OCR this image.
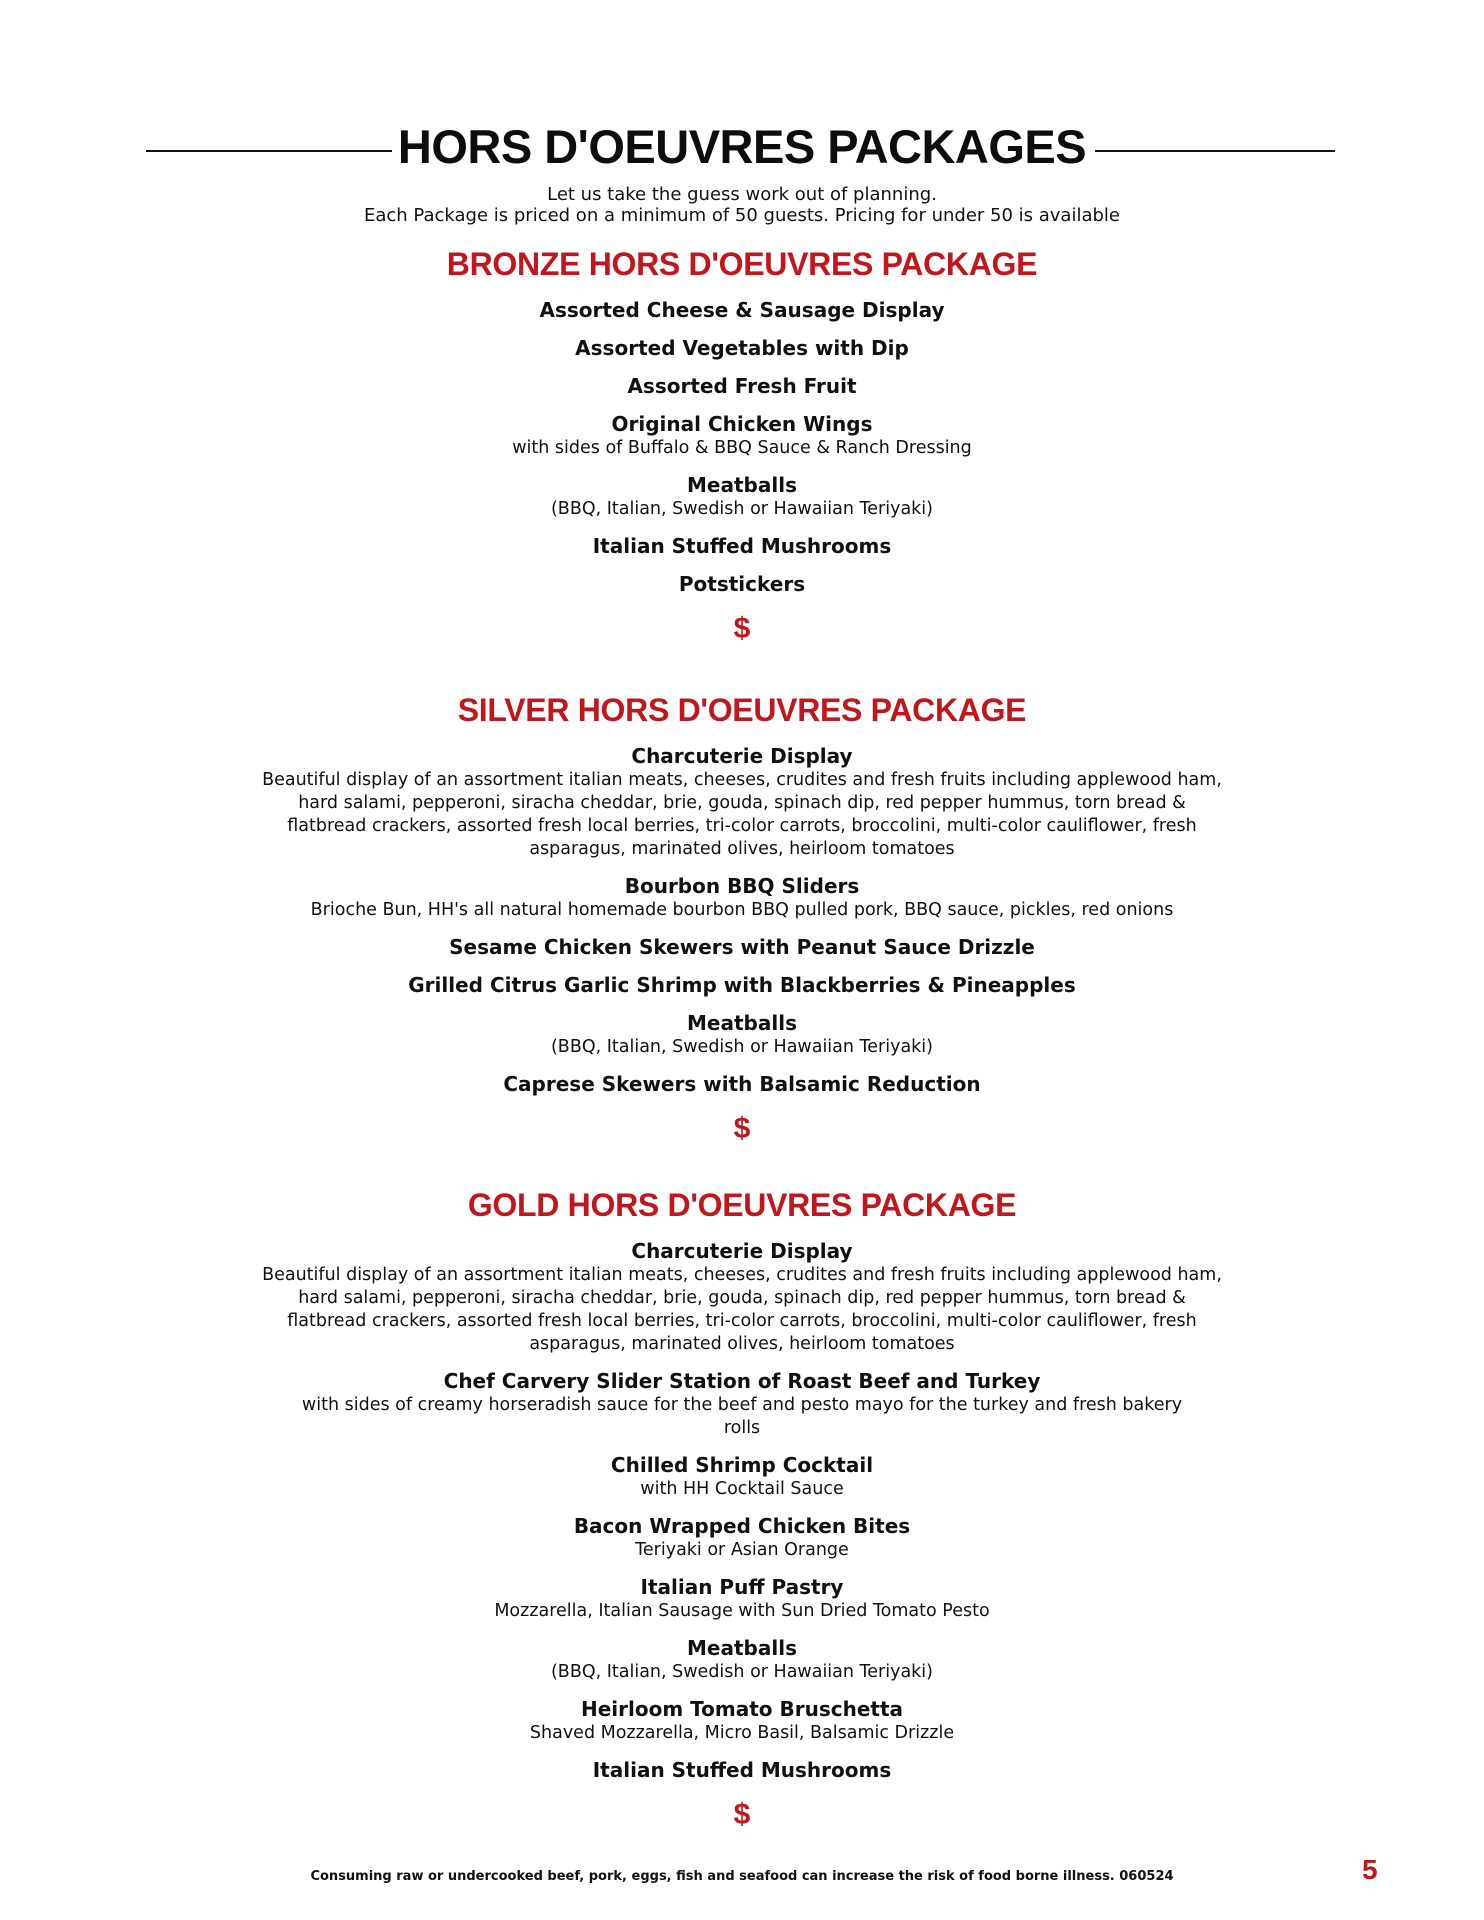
HORS D'OEUVRES PACKAGES
Let us take the guess work out of planning.
Each Package is priced on a minimum of 50 guests. Pricing for under 50 is available
BRONZE HORS D'OEUVRES PACKAGE
Assorted Cheese & Sausage Display
Assorted Vegetables with Dip
Assorted Fresh Fruit
Original Chicken Wings
with sides of Buffalo & BBQ Sauce & Ranch Dressing
Meatballs
(BBQ, Italian, Swedish or Hawaiian Teriyaki)
Italian Stuffed Mushrooms
Potstickers
$
SILVER HORS D'OEUVRES PACKAGE
Charcuterie Display
Beautiful display of an assortment italian meats, cheeses, crudites and fresh fruits including applewood ham, hard salami, pepperoni, siracha cheddar, brie, gouda, spinach dip, red pepper hummus, torn bread & flatbread crackers, assorted fresh local berries, tri-color carrots, broccolini, multi-color cauliflower, fresh asparagus, marinated olives, heirloom tomatoes
Bourbon BBQ Sliders
Brioche Bun, HH's all natural homemade bourbon BBQ pulled pork, BBQ sauce, pickles, red onions
Sesame Chicken Skewers with Peanut Sauce Drizzle
Grilled Citrus Garlic Shrimp with Blackberries & Pineapples
Meatballs
(BBQ, Italian, Swedish or Hawaiian Teriyaki)
Caprese Skewers with Balsamic Reduction
$
GOLD HORS D'OEUVRES PACKAGE
Charcuterie Display
Beautiful display of an assortment italian meats, cheeses, crudites and fresh fruits including applewood ham, hard salami, pepperoni, siracha cheddar, brie, gouda, spinach dip, red pepper hummus, torn bread & flatbread crackers, assorted fresh local berries, tri-color carrots, broccolini, multi-color cauliflower, fresh asparagus, marinated olives, heirloom tomatoes
Chef Carvery Slider Station of Roast Beef and Turkey
with sides of creamy horseradish sauce for the beef and pesto mayo for the turkey and fresh bakery rolls
Chilled Shrimp Cocktail
with HH Cocktail Sauce
Bacon Wrapped Chicken Bites
Teriyaki or Asian Orange
Italian Puff Pastry
Mozzarella, Italian Sausage with Sun Dried Tomato Pesto
Meatballs
(BBQ, Italian, Swedish or Hawaiian Teriyaki)
Heirloom Tomato Bruschetta
Shaved Mozzarella, Micro Basil, Balsamic Drizzle
Italian Stuffed Mushrooms
$
Consuming raw or undercooked beef, pork, eggs, fish and seafood can increase the risk of food borne illness. 060524	5
